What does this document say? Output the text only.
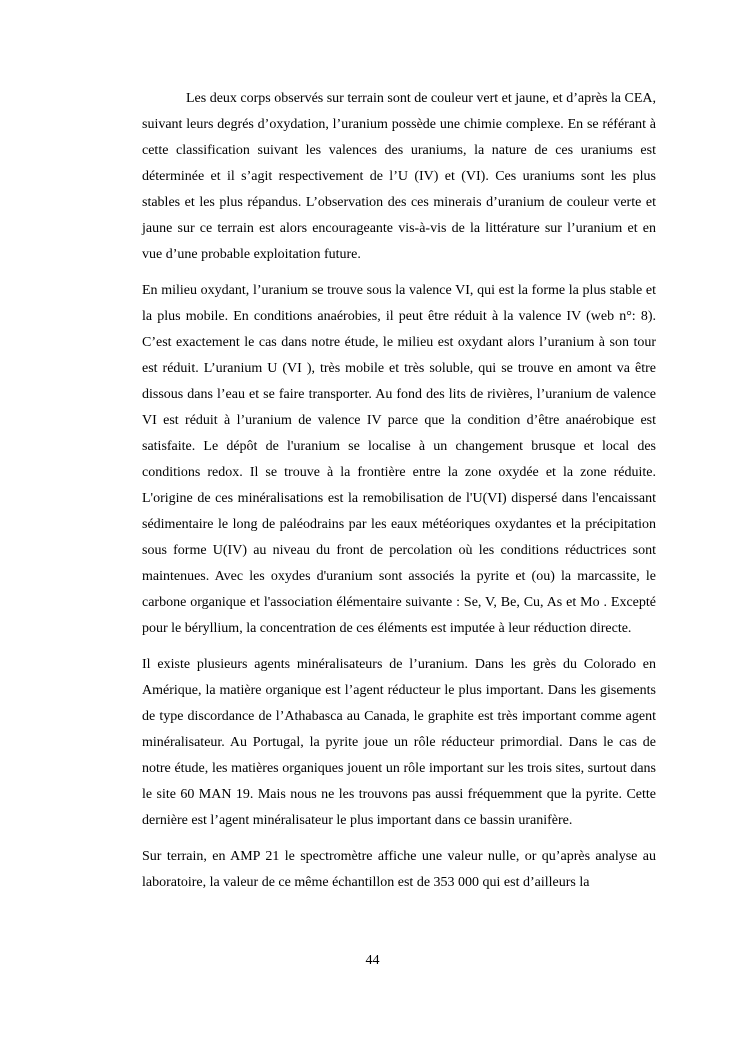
Les deux corps observés sur terrain sont de couleur vert et jaune, et d’après la CEA, suivant leurs degrés d’oxydation, l’uranium possède une chimie complexe. En se référant à cette classification suivant les valences des uraniums, la nature de ces uraniums est déterminée et il s’agit respectivement de l’U (IV) et (VI). Ces uraniums sont les plus stables et les plus répandus. L’observation des ces minerais d’uranium de couleur verte et jaune sur ce terrain est alors encourageante vis-à-vis de la littérature sur l’uranium et en vue d’une probable exploitation future.

En milieu oxydant, l’uranium se trouve sous la valence VI, qui est la forme la plus stable et la plus mobile. En conditions anaérobies, il peut être réduit à la valence IV (web n°: 8). C’est exactement le cas dans notre étude, le milieu est oxydant alors l’uranium à son tour est réduit. L’uranium U (VI ), très mobile et très soluble, qui se trouve en amont va être dissous dans l’eau et se faire transporter. Au fond des lits de rivières, l’uranium de valence VI est réduit à l’uranium de valence IV parce que la condition d’être anaérobique est satisfaite. Le dépôt de l'uranium se localise à un changement brusque et local des conditions redox. Il se trouve à la frontière entre la zone oxydée et la zone réduite. L'origine de ces minéralisations est la remobilisation de l'U(VI) dispersé dans l'encaissant sédimentaire le long de paléodrains par les eaux météoriques oxydantes et la précipitation sous forme U(IV) au niveau du front de percolation où les conditions réductrices sont maintenues. Avec les oxydes d'uranium sont associés la pyrite et (ou) la marcassite, le carbone organique et l'association élémentaire suivante : Se, V, Be, Cu, As et Mo . Excepté pour le béryllium, la concentration de ces éléments est imputée à leur réduction directe.

Il existe plusieurs agents minéralisateurs de l’uranium. Dans les grès du Colorado en Amérique, la matière organique est l’agent réducteur le plus important. Dans les gisements de type discordance de l’Athabasca au Canada, le graphite est très important comme agent minéralisateur. Au Portugal, la pyrite joue un rôle réducteur primordial. Dans le cas de notre étude, les matières organiques jouent un rôle important sur les trois sites, surtout dans le site 60 MAN 19. Mais nous ne les trouvons pas aussi fréquemment que la pyrite. Cette dernière est l’agent minéralisateur le plus important dans ce bassin uranifère.

Sur terrain, en AMP 21 le spectromètre affiche une valeur nulle, or qu’après analyse au laboratoire, la valeur de ce même échantillon est de 353 000 qui est d’ailleurs la

44
